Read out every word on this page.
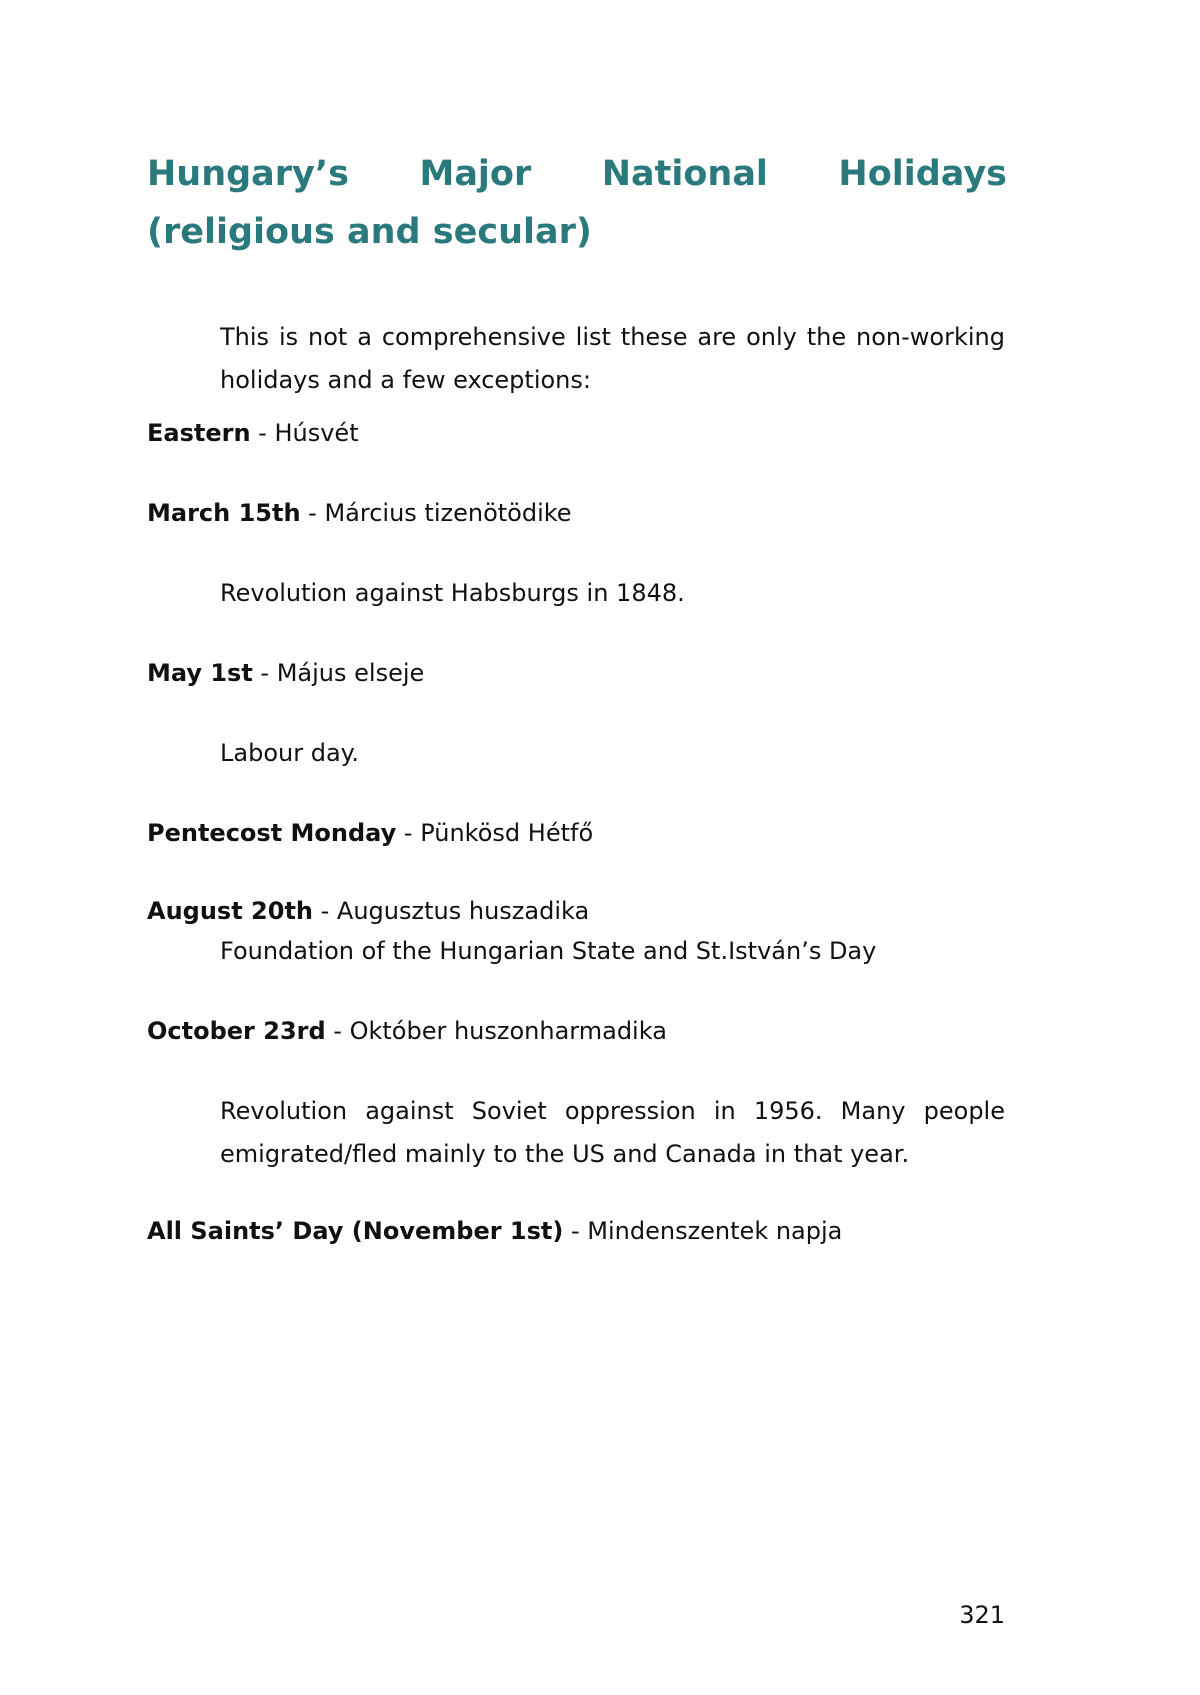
Hungary’s Major National Holidays (religious and secular)

This is not a comprehensive list these are only the non-working holidays and a few exceptions:

Eastern - Húsvét

March 15th - Március tizenötödike

Revolution against Habsburgs in 1848.

May 1st - Május elseje

Labour day.

Pentecost Monday - Pünkösd Hétfő

August 20th - Augusztus huszadika

Foundation of the Hungarian State and St.István’s Day

October 23rd - Október huszonharmadika

Revolution against Soviet oppression in 1956. Many people emigrated/fled mainly to the US and Canada in that year.

All Saints’ Day (November 1st) - Mindenszentek napja

321
